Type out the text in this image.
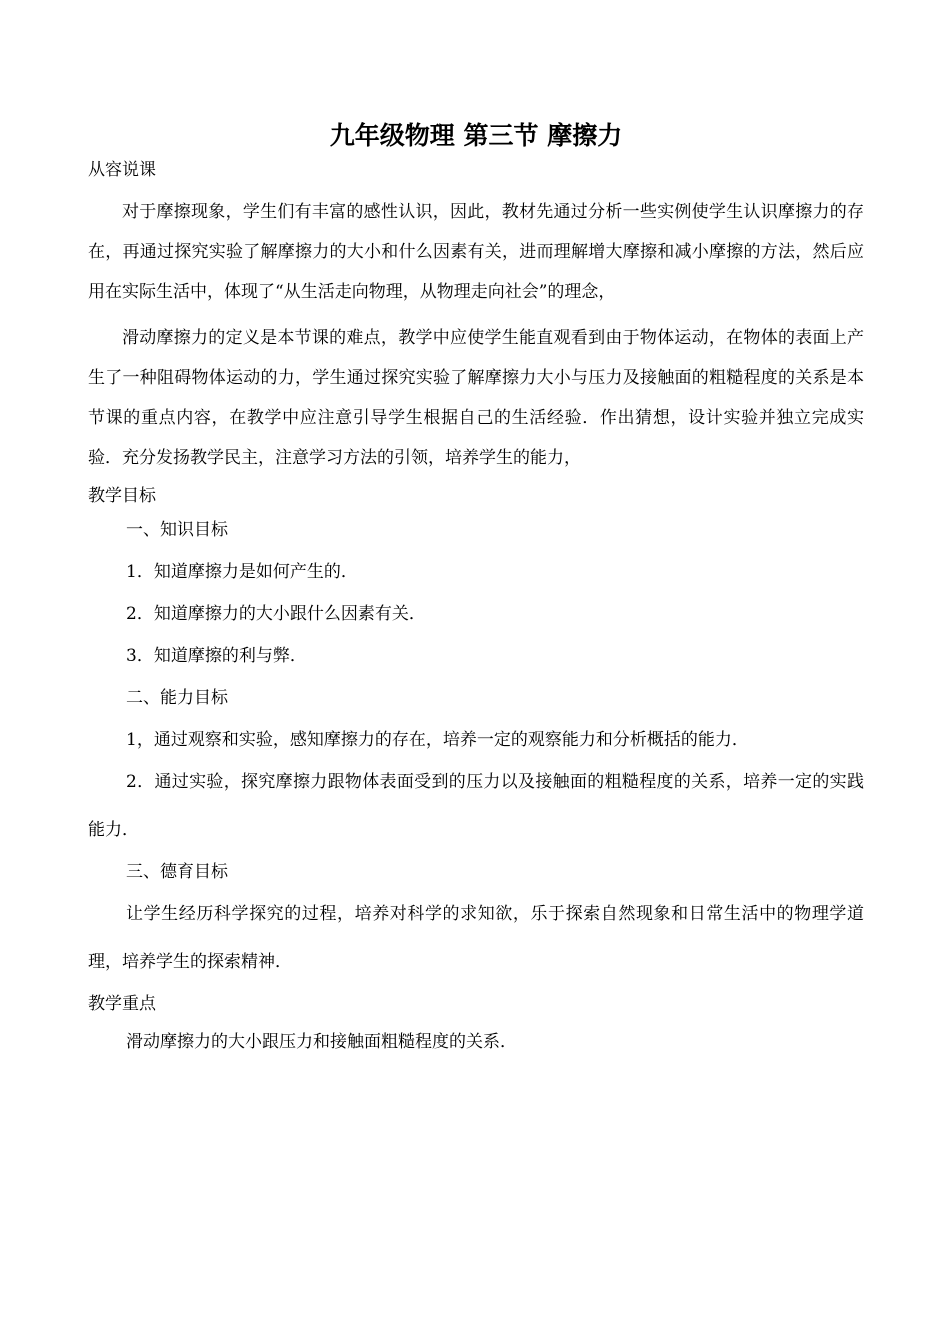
九年级物理 第三节 摩擦力
从容说课

对于摩擦现象，学生们有丰富的感性认识，因此，教材先通过分析一些实例使学生认识摩擦力的存在，再通过探究实验了解摩擦力的大小和什么因素有关，进而理解增大摩擦和减小摩擦的方法，然后应用在实际生活中，体现了“从生活走向物理，从物理走向社会”的理念，

滑动摩擦力的定义是本节课的难点，教学中应使学生能直观看到由于物体运动，在物体的表面上产生了一种阻碍物体运动的力，学生通过探究实验了解摩擦力大小与压力及接触面的粗糙程度的关系是本节课的重点内容，在教学中应注意引导学生根据自己的生活经验．作出猜想，设计实验并独立完成实验．充分发扬教学民主，注意学习方法的引领，培养学生的能力，

教学目标
一、知识目标
1．知道摩擦力是如何产生的．
2．知道摩擦力的大小跟什么因素有关．
3．知道摩擦的利与弊．
二、能力目标
1，通过观察和实验，感知摩擦力的存在，培养一定的观察能力和分析概括的能力．
2．通过实验，探究摩擦力跟物体表面受到的压力以及接触面的粗糙程度的关系，培养一定的实践能力．
三、德育目标
让学生经历科学探究的过程，培养对科学的求知欲，乐于探索自然现象和日常生活中的物理学道理，培养学生的探索精神．
教学重点
滑动摩擦力的大小跟压力和接触面粗糙程度的关系．
